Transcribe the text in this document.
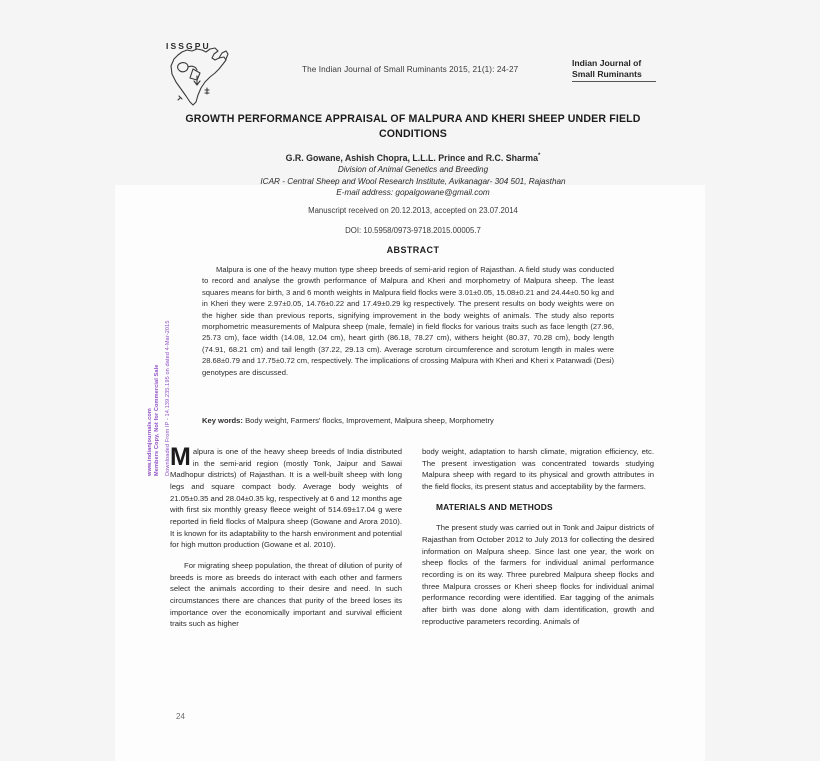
ISSGPU
The Indian Journal of Small Ruminants 2015, 21(1): 24-27
Indian Journal of
Small Ruminants
GROWTH PERFORMANCE APPRAISAL OF MALPURA AND KHERI SHEEP UNDER FIELD CONDITIONS
G.R. Gowane, Ashish Chopra, L.L.L. Prince and R.C. Sharma*
Division of Animal Genetics and Breeding
ICAR - Central Sheep and Wool Research Institute, Avikanagar- 304 501, Rajasthan
E-mail address: gopalgowane@gmail.com
Manuscript received on 20.12.2013, accepted on 23.07.2014
DOI: 10.5958/0973-9718.2015.00005.7
ABSTRACT

Malpura is one of the heavy mutton type sheep breeds of semi-arid region of Rajasthan. A field study was conducted to record and analyse the growth performance of Malpura and Kheri and morphometry of Malpura sheep. The least squares means for birth, 3 and 6 month weights in Malpura field flocks were 3.01±0.05, 15.08±0.21 and 24.44±0.50 kg and in Kheri they were 2.97±0.05, 14.76±0.22 and 17.49±0.29 kg respectively. The present results on body weights were on the higher side than previous reports, signifying improvement in the body weights of animals. The study also reports morphometric measurements of Malpura sheep (male, female) in field flocks for various traits such as face length (27.96, 25.73 cm), face width (14.08, 12.04 cm), heart girth (86.18, 78.27 cm), withers height (80.37, 70.28 cm), body length (74.91, 68.21 cm) and tail length (37.22, 29.13 cm). Average scrotum circumference and scrotum length in males were 28.68±0.79 and 17.75±0.72 cm, respectively. The implications of crossing Malpura with Kheri and Kheri x Patanwadi (Desi) genotypes are discussed.

Key words: Body weight, Farmers' flocks, Improvement, Malpura sheep, Morphometry

Malpura is one of the heavy sheep breeds of India distributed in the semi-arid region (mostly Tonk, Jaipur and Sawai Madhopur districts) of Rajasthan. It is a well-built sheep with long legs and square compact body. Average body weights of 21.05±0.35 and 28.04±0.35 kg, respectively at 6 and 12 months age with first six monthly greasy fleece weight of 514.69±17.04 g were reported in field flocks of Malpura sheep (Gowane and Arora 2010). It is known for its adaptability to the harsh environment and potential for high mutton production (Gowane et al. 2010).

For migrating sheep population, the threat of dilution of purity of breeds is more as breeds do interact with each other and farmers select the animals according to their desire and need. In such circumstances there are chances that purity of the breed loses its importance over the economically important and survival efficient traits such as higher

body weight, adaptation to harsh climate, migration efficiency, etc. The present investigation was concentrated towards studying Malpura sheep with regard to its physical and growth attributes in the field flocks, its present status and acceptability by the farmers.

MATERIALS AND METHODS

The present study was carried out in Tonk and Jaipur districts of Rajasthan from October 2012 to July 2013 for collecting the desired information on Malpura sheep. Since last one year, the work on sheep flocks of the farmers for individual animal performance recording is on its way. Three purebred Malpura sheep flocks and three Malpura crosses or Kheri sheep flocks for individual animal performance recording were identified. Ear tagging of the animals after birth was done along with dam identification, growth and reproductive parameters recording. Animals of

www.indianjournals.com Members Copy, Not for Commercial Sale Downloaded From IP - 14.139.235.195 on dated 4-Mar-2015
24
